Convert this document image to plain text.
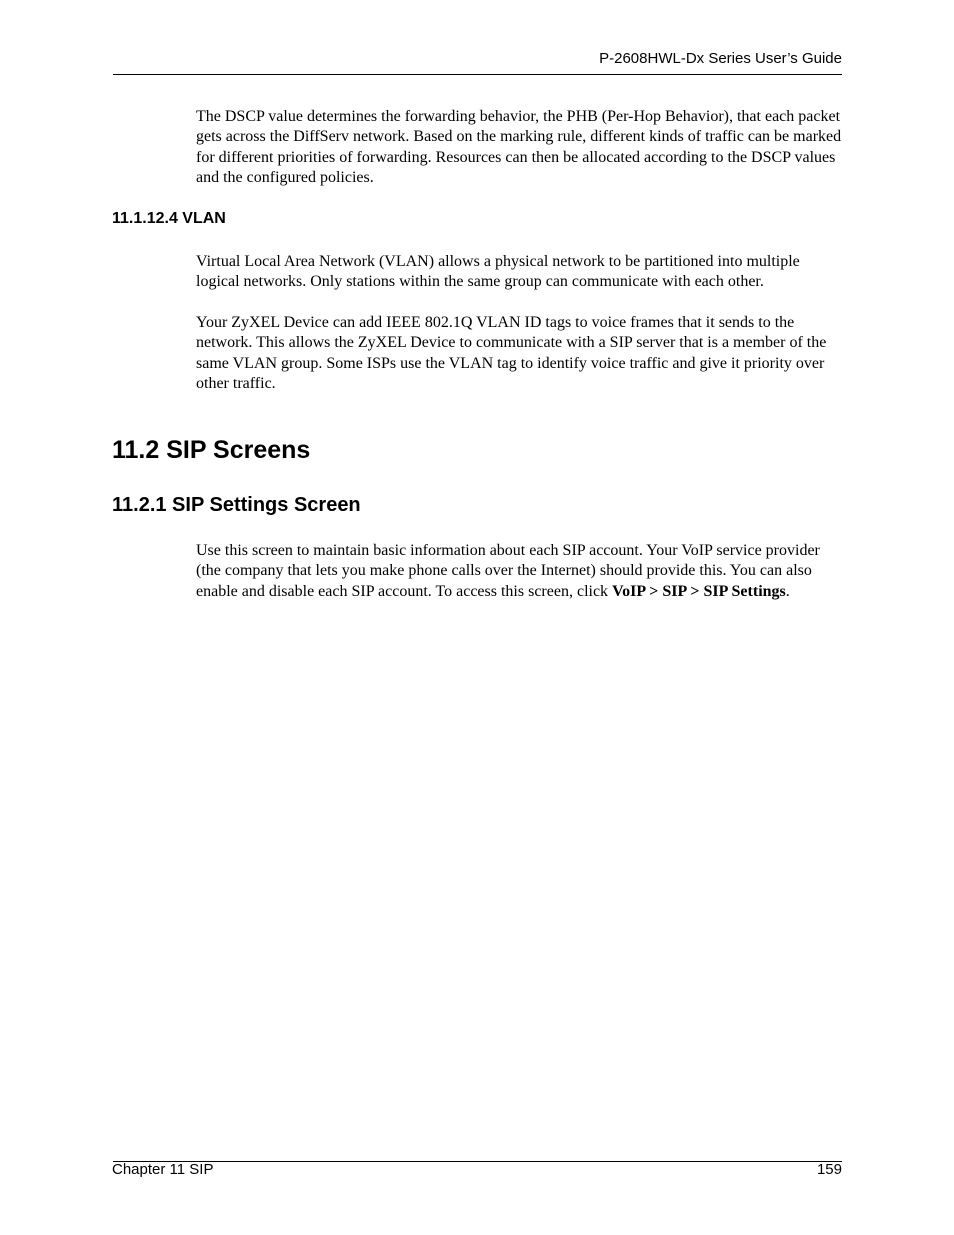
P-2608HWL-Dx Series User’s Guide

The DSCP value determines the forwarding behavior, the PHB (Per-Hop Behavior), that each packet gets across the DiffServ network. Based on the marking rule, different kinds of traffic can be marked for different priorities of forwarding. Resources can then be allocated according to the DSCP values and the configured policies.

11.1.12.4 VLAN

Virtual Local Area Network (VLAN) allows a physical network to be partitioned into multiple logical networks. Only stations within the same group can communicate with each other.

Your ZyXEL Device can add IEEE 802.1Q VLAN ID tags to voice frames that it sends to the network. This allows the ZyXEL Device to communicate with a SIP server that is a member of the same VLAN group. Some ISPs use the VLAN tag to identify voice traffic and give it priority over other traffic.

11.2 SIP Screens
11.2.1 SIP Settings Screen

Use this screen to maintain basic information about each SIP account. Your VoIP service provider (the company that lets you make phone calls over the Internet) should provide this. You can also enable and disable each SIP account. To access this screen, click VoIP > SIP > SIP Settings.

Chapter 11 SIP	159
